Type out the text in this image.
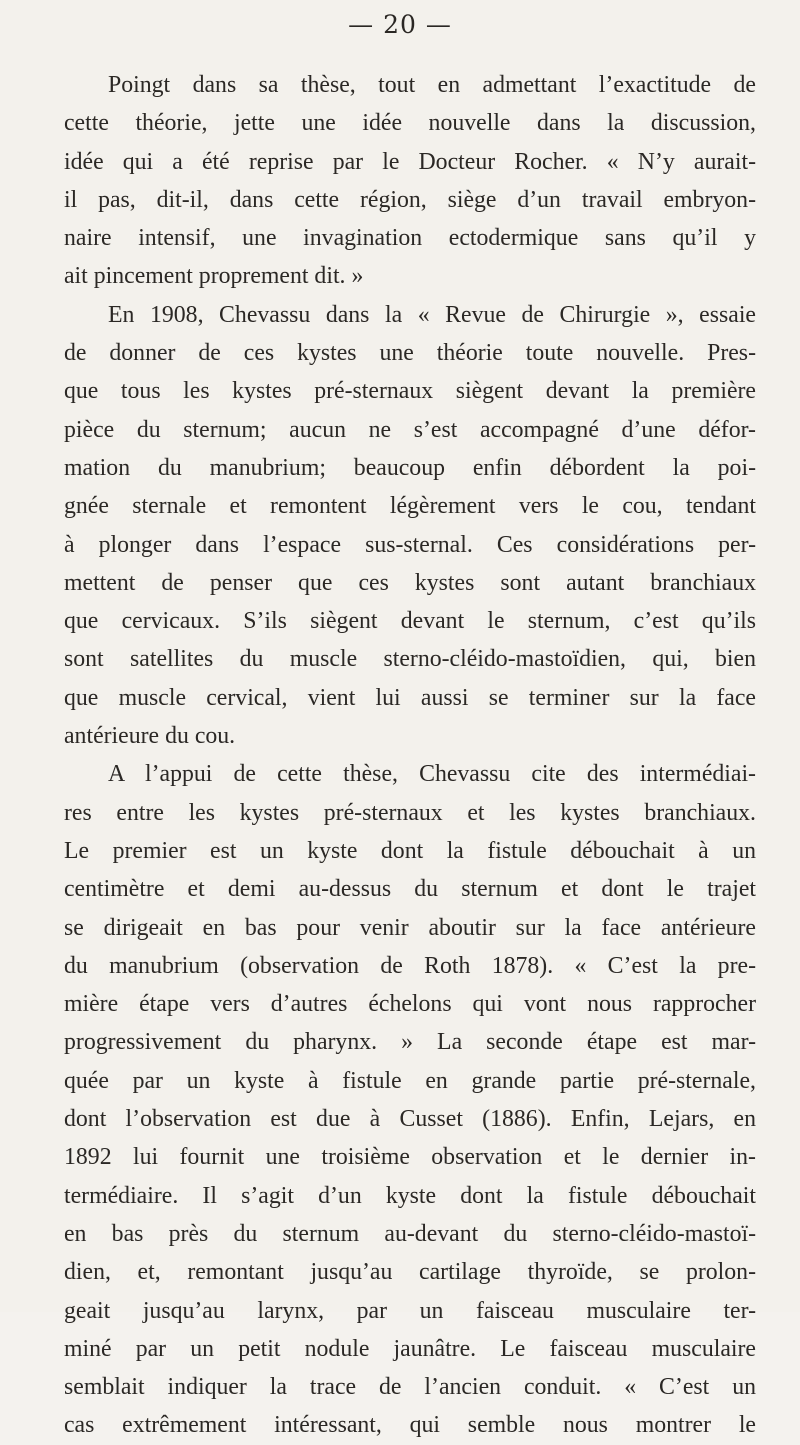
— 20 —
Poingt dans sa thèse, tout en admettant l’exactitude de
cette théorie, jette une idée nouvelle dans la discussion,
idée qui a été reprise par le Docteur Rocher. « N’y aurait-
il pas, dit-il, dans cette région, siège d’un travail embryon-
naire intensif, une invagination ectodermique sans qu’il y
ait pincement proprement dit. »
En 1908, Chevassu dans la « Revue de Chirurgie », essaie
de donner de ces kystes une théorie toute nouvelle. Pres-
que tous les kystes pré-sternaux siègent devant la première
pièce du sternum; aucun ne s’est accompagné d’une défor-
mation du manubrium; beaucoup enfin débordent la poi-
gnée sternale et remontent légèrement vers le cou, tendant
à plonger dans l’espace sus-sternal. Ces considérations per-
mettent de penser que ces kystes sont autant branchiaux
que cervicaux. S’ils siègent devant le sternum, c’est qu’ils
sont satellites du muscle sterno-cléido-mastoïdien, qui, bien
que muscle cervical, vient lui aussi se terminer sur la face
antérieure du cou.
A l’appui de cette thèse, Chevassu cite des intermédiai-
res entre les kystes pré-sternaux et les kystes branchiaux.
Le premier est un kyste dont la fistule débouchait à un
centimètre et demi au-dessus du sternum et dont le trajet
se dirigeait en bas pour venir aboutir sur la face antérieure
du manubrium (observation de Roth 1878). « C’est la pre-
mière étape vers d’autres échelons qui vont nous rapprocher
progressivement du pharynx. » La seconde étape est mar-
quée par un kyste à fistule en grande partie pré-sternale,
dont l’observation est due à Cusset (1886). Enfin, Lejars, en
1892 lui fournit une troisième observation et le dernier in-
termédiaire. Il s’agit d’un kyste dont la fistule débouchait
en bas près du sternum au-devant du sterno-cléido-mastoï-
dien, et, remontant jusqu’au cartilage thyroïde, se prolon-
geait jusqu’au larynx, par un faisceau musculaire ter-
miné par un petit nodule jaunâtre. Le faisceau musculaire
semblait indiquer la trace de l’ancien conduit. « C’est un
cas extrêmement intéressant, qui semble nous montrer le
